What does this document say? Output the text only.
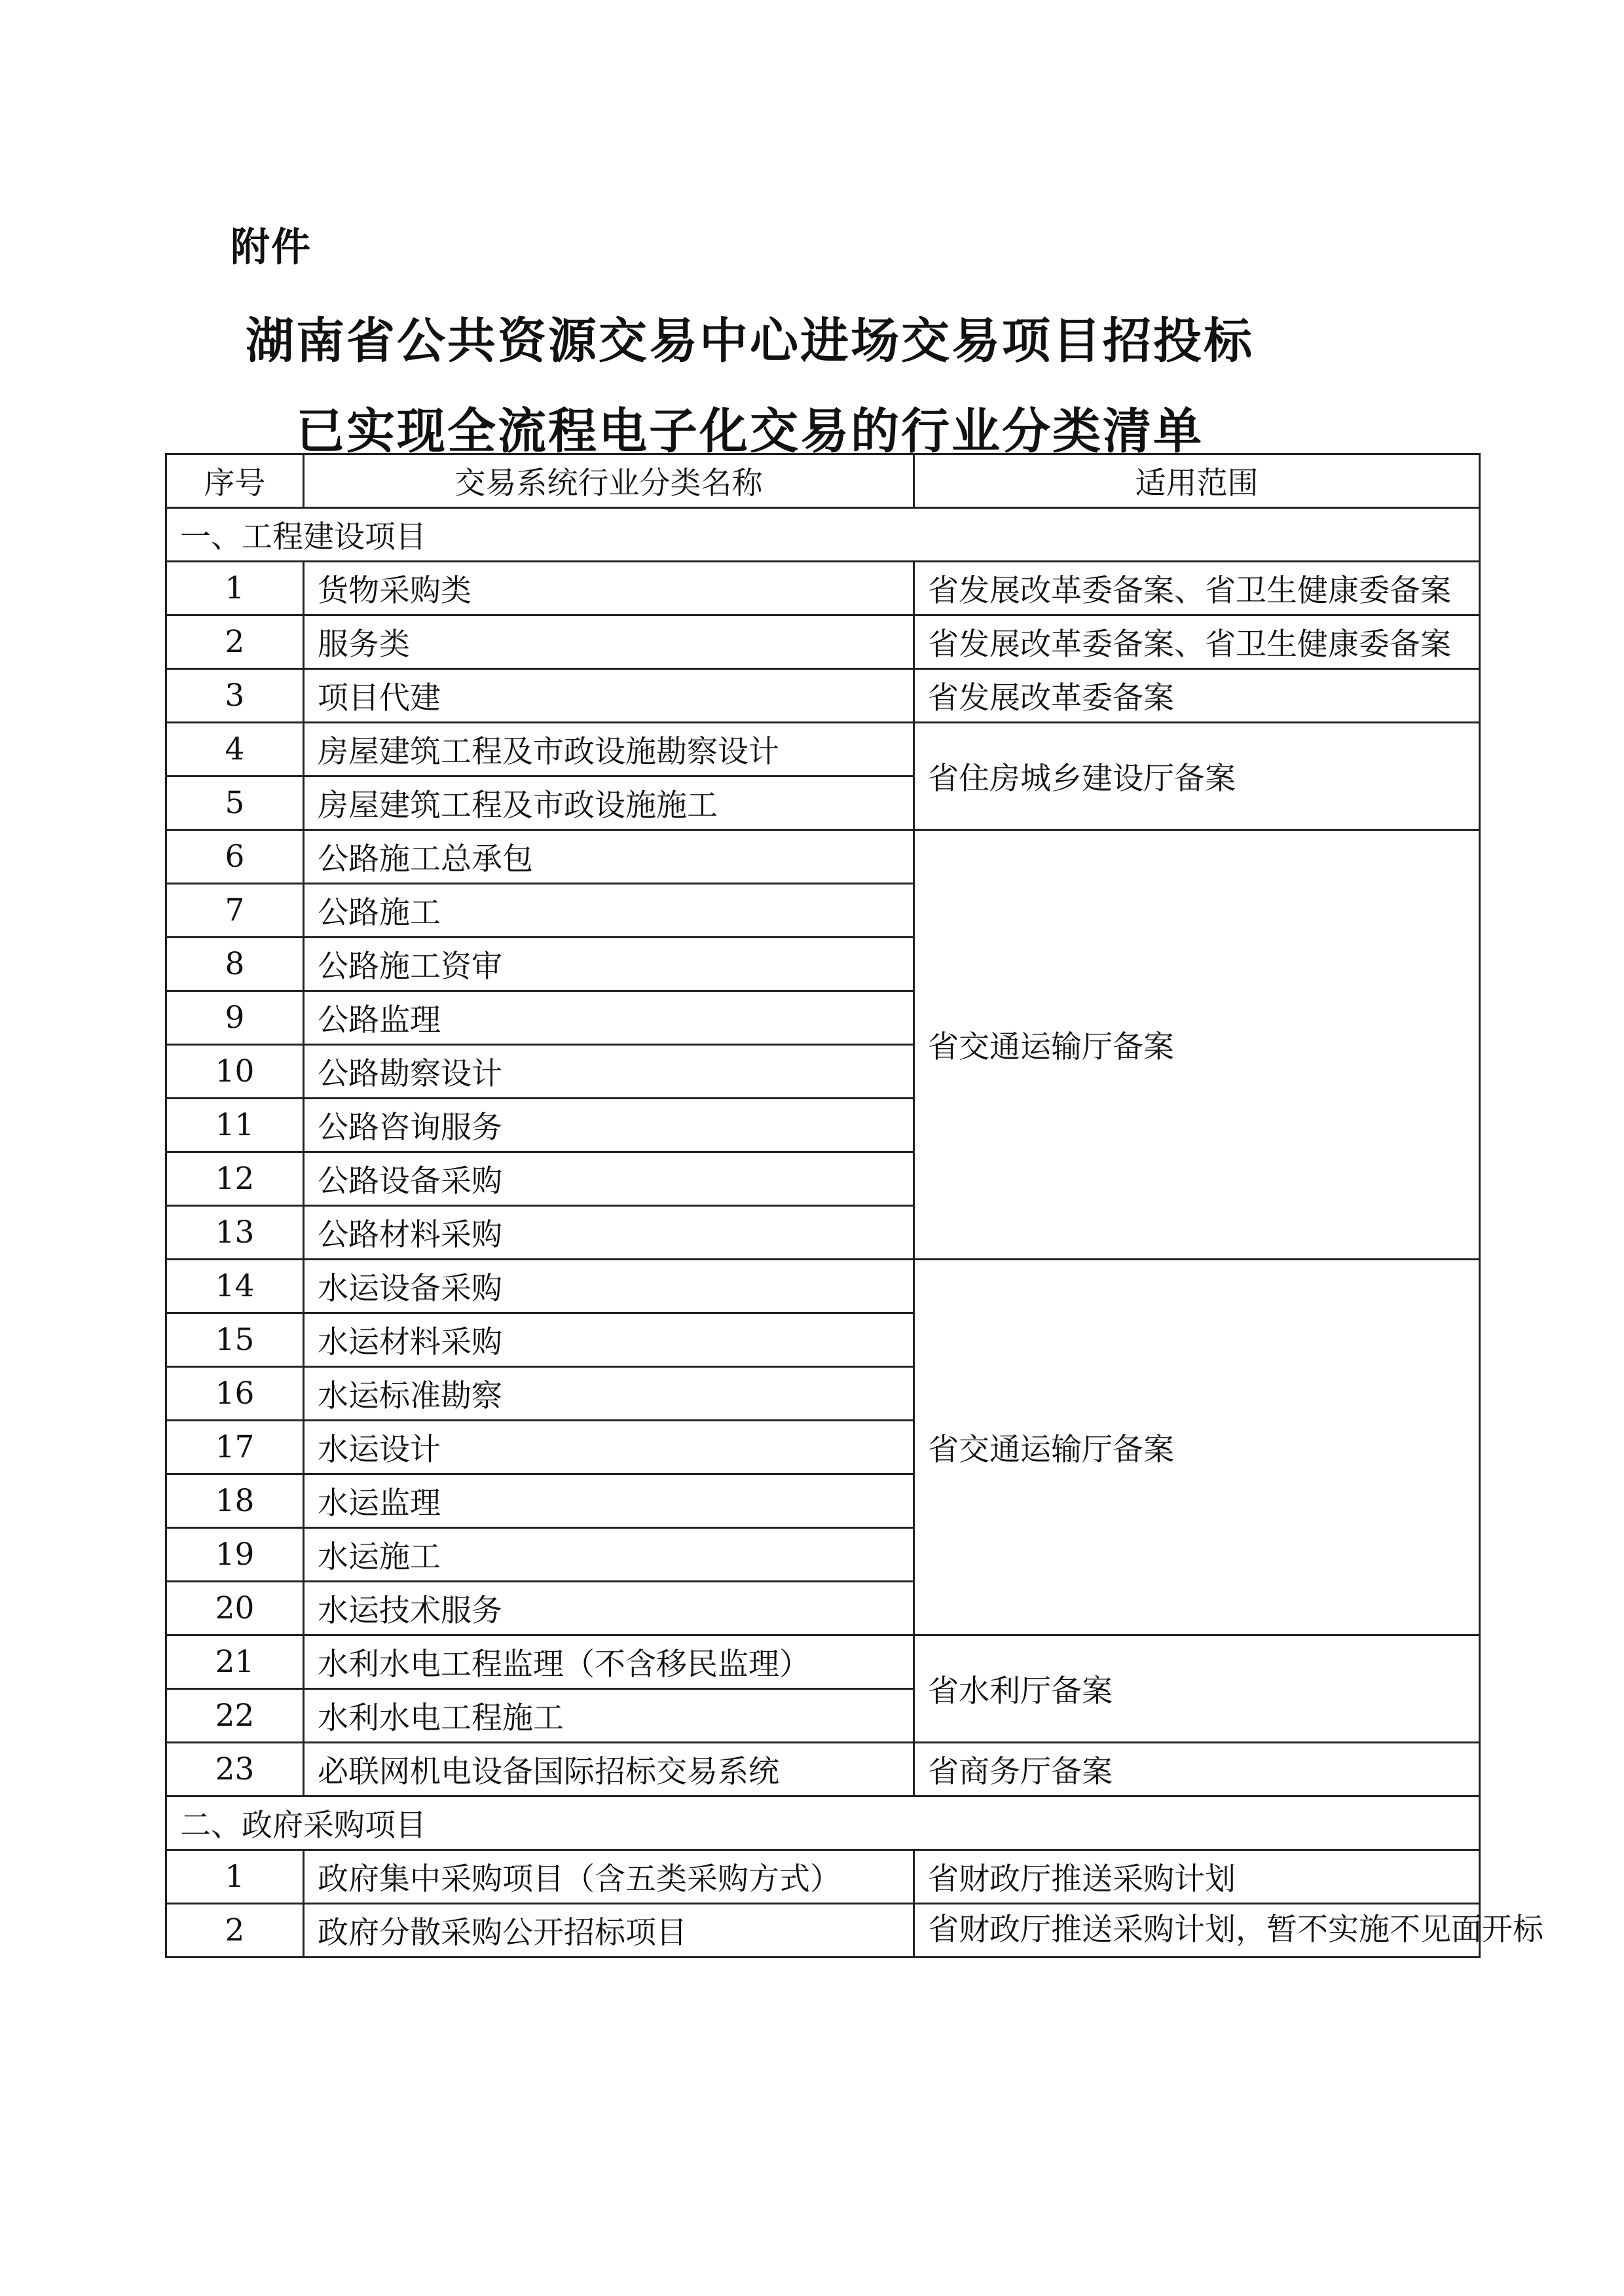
附件
湖南省公共资源交易中心进场交易项目招投标
已实现全流程电子化交易的行业分类清单
序号	交易系统行业分类名称	适用范围
一、工程建设项目		
1	货物采购类	省发展改革委备案、省卫生健康委备案
2	服务类	省发展改革委备案、省卫生健康委备案
3	项目代建	省发展改革委备案
4	房屋建筑工程及市政设施勘察设计	省住房城乡建设厅备案
5	房屋建筑工程及市政设施施工	
6	公路施工总承包	省交通运输厅备案
7	公路施工	
8	公路施工资审	
9	公路监理	
10	公路勘察设计	
11	公路咨询服务	
12	公路设备采购	
13	公路材料采购	
14	水运设备采购	省交通运输厅备案
15	水运材料采购	
16	水运标准勘察	
17	水运设计	
18	水运监理	
19	水运施工	
20	水运技术服务	
21	水利水电工程监理（不含移民监理）	省水利厅备案
22	水利水电工程施工	
23	必联网机电设备国际招标交易系统	省商务厅备案
二、政府采购项目		
1	政府集中采购项目（含五类采购方式）	省财政厅推送采购计划
2	政府分散采购公开招标项目	省财政厅推送采购计划，暂不实施不见面开标
